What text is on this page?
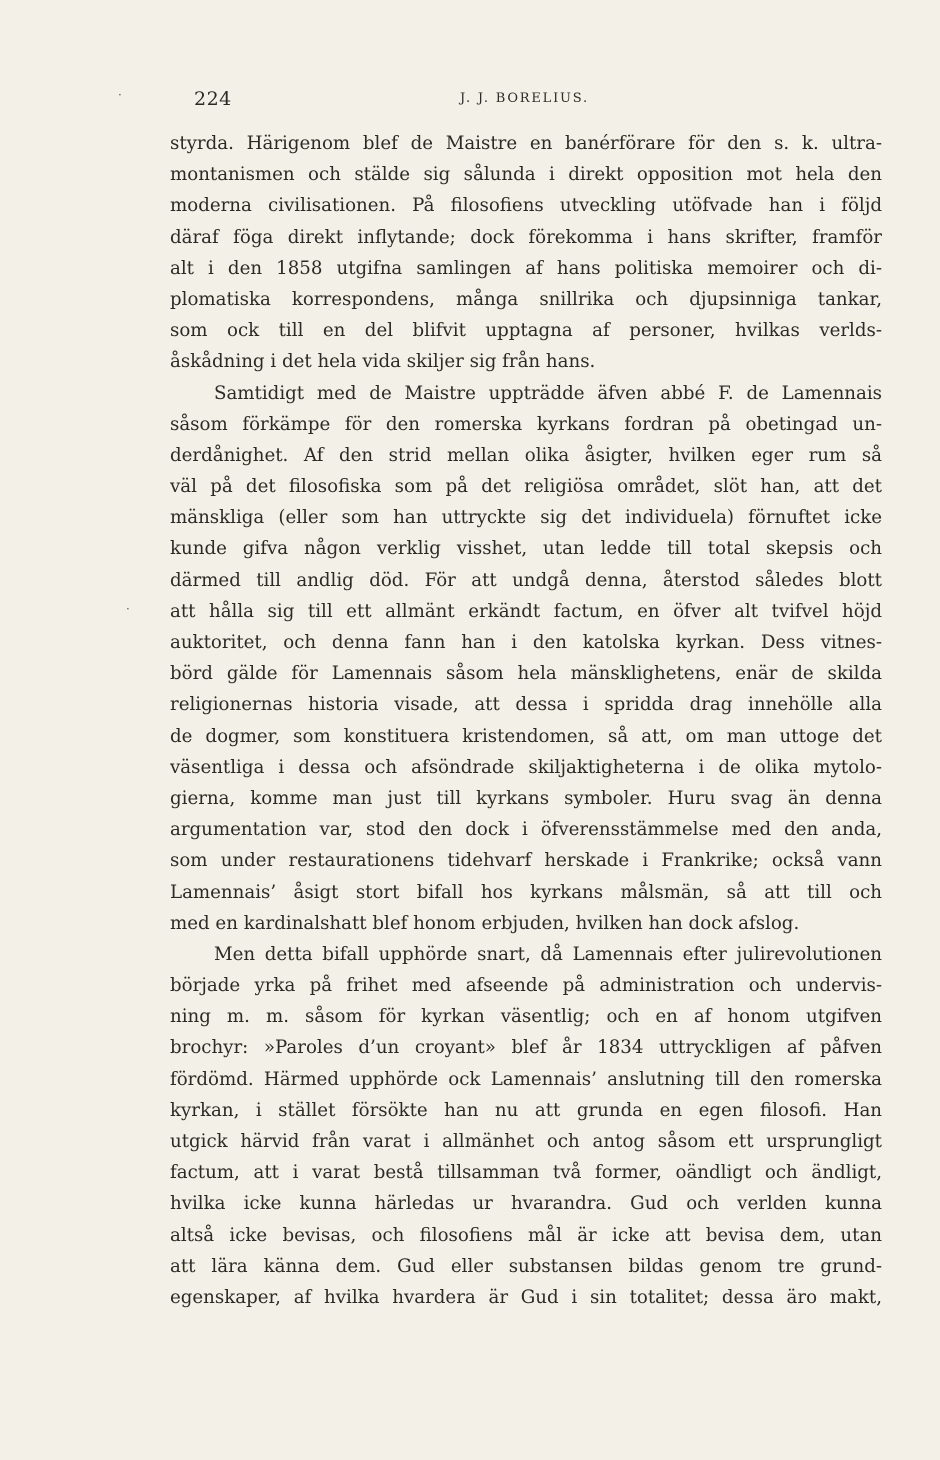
224	J. J. BORELIUS.
·
·
styrda. Härigenom blef de Maistre en banérförare för den s. k. ultra-
montanismen och stälde sig sålunda i direkt opposition mot hela den
moderna civilisationen. På filosofiens utveckling utöfvade han i följd
däraf föga direkt inflytande; dock förekomma i hans skrifter, framför
alt i den 1858 utgifna samlingen af hans politiska memoirer och di-
plomatiska korrespondens, många snillrika och djupsinniga tankar,
som ock till en del blifvit upptagna af personer, hvilkas verlds-
åskådning i det hela vida skiljer sig från hans.
Samtidigt med de Maistre uppträdde äfven abbé F. de Lamennais
såsom förkämpe för den romerska kyrkans fordran på obetingad un-
derdånighet. Af den strid mellan olika åsigter, hvilken eger rum så
väl på det filosofiska som på det religiösa området, slöt han, att det
mänskliga (eller som han uttryckte sig det individuela) förnuftet icke
kunde gifva någon verklig visshet, utan ledde till total skepsis och
därmed till andlig död. För att undgå denna, återstod således blott
att hålla sig till ett allmänt erkändt factum, en öfver alt tvifvel höjd
auktoritet, och denna fann han i den katolska kyrkan. Dess vitnes-
börd gälde för Lamennais såsom hela mänsklighetens, enär de skilda
religionernas historia visade, att dessa i spridda drag innehölle alla
de dogmer, som konstituera kristendomen, så att, om man uttoge det
väsentliga i dessa och afsöndrade skiljaktigheterna i de olika mytolo-
gierna, komme man just till kyrkans symboler. Huru svag än denna
argumentation var, stod den dock i öfverensstämmelse med den anda,
som under restaurationens tidehvarf herskade i Frankrike; också vann
Lamennais’ åsigt stort bifall hos kyrkans målsmän, så att till och
med en kardinalshatt blef honom erbjuden, hvilken han dock afslog.
Men detta bifall upphörde snart, då Lamennais efter julirevolutionen
började yrka på frihet med afseende på administration och undervis-
ning m. m. såsom för kyrkan väsentlig; och en af honom utgifven
brochyr: »Paroles d’un croyant» blef år 1834 uttryckligen af påfven
fördömd. Härmed upphörde ock Lamennais’ anslutning till den romerska
kyrkan, i stället försökte han nu att grunda en egen filosofi. Han
utgick härvid från varat i allmänhet och antog såsom ett ursprungligt
factum, att i varat bestå tillsamman två former, oändligt och ändligt,
hvilka icke kunna härledas ur hvarandra. Gud och verlden kunna
altså icke bevisas, och filosofiens mål är icke att bevisa dem, utan
att lära känna dem. Gud eller substansen bildas genom tre grund-
egenskaper, af hvilka hvardera är Gud i sin totalitet; dessa äro makt,
